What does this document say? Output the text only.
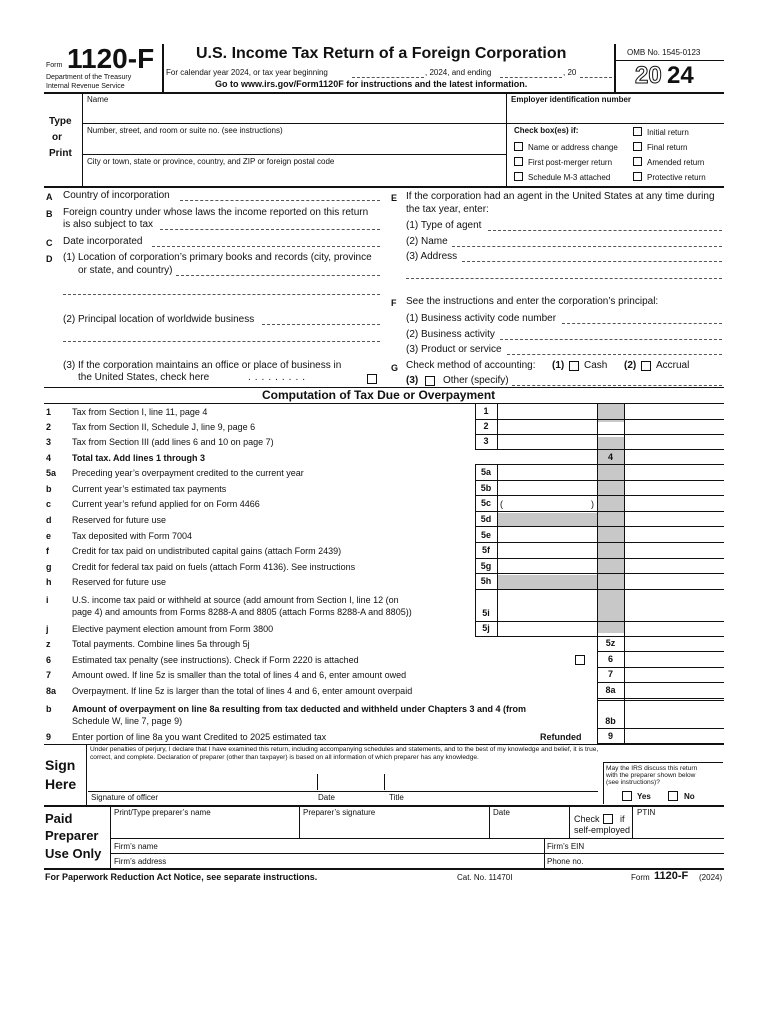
Form 1120-F
Department of the Treasury
Internal Revenue Service
U.S. Income Tax Return of a Foreign Corporation
For calendar year 2024, or tax year beginning	, 2024, and ending	, 20
Go to www.irs.gov/Form1120F for instructions and the latest information.
OMB No. 1545-0123
20 24
Type
or
Print
Name
Number, street, and room or suite no. (see instructions)
City or town, state or province, country, and ZIP or foreign postal code
Employer identification number
Check box(es) if:	Initial return
Final return
Amended return
Protective return
Name or address change
First post-merger return
Schedule M-3 attached
A Country of incorporation
B Foreign country under whose laws the income reported on this return
is also subject to tax
C Date incorporated
D (1) Location of corporation’s primary books and records (city, province
or state, and country)
(2) Principal location of worldwide business
(3) If the corporation maintains an office or place of business in
the United States, check here	.........
E If the corporation had an agent in the United States at any time during
the tax year, enter:
(1) Type of agent
(2) Name
(3) Address
F See the instructions and enter the corporation’s principal:
(1) Business activity code number
(2) Business activity
(3) Product or service
G Check method of accounting: (1) Cash (2) Accrual
(3) Other (specify)
Computation of Tax Due or Overpayment
1	Tax from Section I, line 11, page 4	1
2	Tax from Section II, Schedule J, line 9, page 6	2
3	Tax from Section III (add lines 6 and 10 on page 7)	3
4	Total tax. Add lines 1 through 3	4
5a	Preceding year’s overpayment credited to the current year	5a
b	Current year’s estimated tax payments	5b
c	Current year’s refund applied for on Form 4466	5c	(	)
d	Reserved for future use	5d
e	Tax deposited with Form 7004	5e
f	Credit for tax paid on undistributed capital gains (attach Form 2439)	5f
g	Credit for federal tax paid on fuels (attach Form 4136). See instructions	5g
h	Reserved for future use	5h
i	U.S. income tax paid or withheld at source (add amount from Section I, line 12 (on
page 4) and amounts from Forms 8288-A and 8805 (attach Forms 8288-A and 8805))	5i
j	Elective payment election amount from Form 3800	5j
z	Total payments. Combine lines 5a through 5j	5z
6	Estimated tax penalty (see instructions). Check if Form 2220 is attached	6
7	Amount owed. If line 5z is smaller than the total of lines 4 and 6, enter amount owed	7
8a	Overpayment. If line 5z is larger than the total of lines 4 and 6, enter amount overpaid	8a
b	Amount of overpayment on line 8a resulting from tax deducted and withheld under Chapters 3 and 4 (from
Schedule W, line 7, page 9)	8b
9	Enter portion of line 8a you want Credited to 2025 estimated tax	Refunded	9
Sign
Here
Under penalties of perjury, I declare that I have examined this return, including accompanying schedules and statements, and to the best of my knowledge and belief, it is true,
correct, and complete. Declaration of preparer (other than taxpayer) is based on all information of which preparer has any knowledge.
Signature of officer	Date	Title
May the IRS discuss this return
with the preparer shown below
(see instructions)?
Yes	No
Paid
Preparer
Use Only
Print/Type preparer’s name	Preparer’s signature	Date
Check if
self-employed
PTIN
Firm’s name	Firm’s EIN
Firm’s address	Phone no.
For Paperwork Reduction Act Notice, see separate instructions.	Cat. No. 11470I	Form 1120-F (2024)
